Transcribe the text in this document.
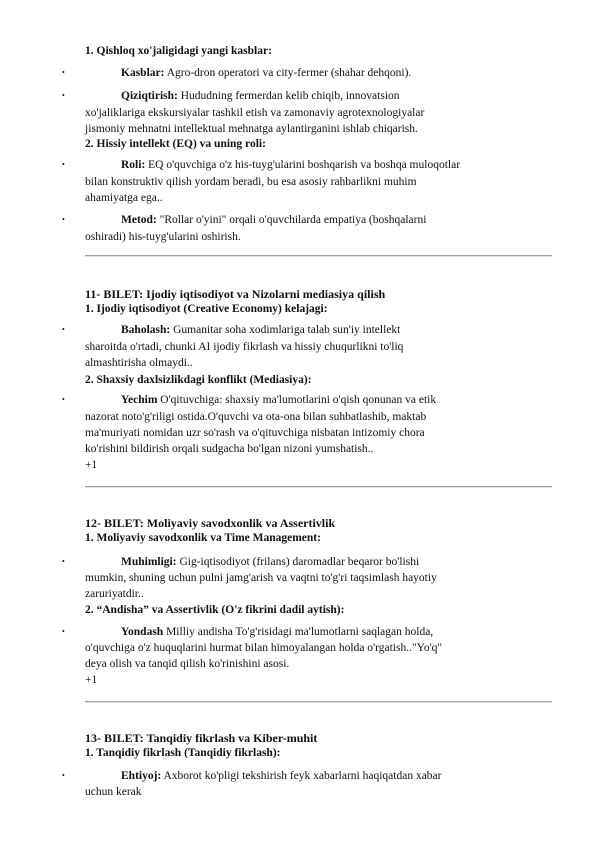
1. Qishloq xo'jaligidagi yangi kasblar:
•	Kasblar: Agro-dron operatori va city-fermer (shahar dehqoni).
•	Qiziqtirish: Hududning fermerdan kelib chiqib, innovatsion
xo'jaliklariga ekskursiyalar tashkil etish va zamonaviy agrotexnologiyalar
jismoniy mehnatni intellektual mehnatga aylantirganini ishlab chiqarish.
2. Hissiy intellekt (EQ) va uning roli:
•	Roli: EQ o'quvchiga o'z his-tuyg'ularini boshqarish va boshqa muloqotlar
bilan konstruktiv qilish yordam beradi, bu esa asosiy rahbarlikni muhim
ahamiyatga ega..
•	Metod: "Rollar o'yini" orqali o'quvchilarda empatiya (boshqalarni
oshiradi) his-tuyg'ularini oshirish.
11- BILET: Ijodiy iqtisodiyot va Nizolarni mediasiya qilish
1. Ijodiy iqtisodiyot (Creative Economy) kelajagi:
•	Baholash: Gumanitar soha xodimlariga talab sun'iy intellekt
sharoitda o'rtadi, chunki AI ijodiy fikrlash va hissiy chuqurlikni to'liq
almashtirisha olmaydi..
2. Shaxsiy daxlsizlikdagi konflikt (Mediasiya):
•	Yechim O'qituvchiga: shaxsiy ma'lumotlarini o'qish qonunan va etik
nazorat noto'g'riligi ostida.O'quvchi va ota-ona bilan suhbatlashib, maktab
ma'muriyati nomidan uzr so'rash va o'qituvchiga nisbatan intizomiy chora
ko'rishini bildirish orqali sudgacha bo'lgan nizoni yumshatish..
+1
12- BILET: Moliyaviy savodxonlik va Assertivlik
1. Moliyaviy savodxonlik va Time Management:
•	Muhimligi: Gig-iqtisodiyot (frilans) daromadlar beqaror bo'lishi
mumkin, shuning uchun pulni jamg'arish va vaqtni to'g'ri taqsimlash hayotiy
zaruriyatdir..
2. “Andisha” va Assertivlik (O'z fikrini dadil aytish):
•	Yondash Milliy andisha To'g'risidagi ma'lumotlarni saqlagan holda,
o'quvchiga o'z huquqlarini hurmat bilan himoyalangan holda o'rgatish.."Yo'q"
deya olish va tanqid qilish ko'rinishini asosi.
+1
13- BILET: Tanqidiy fikrlash va Kiber-muhit
1. Tanqidiy fikrlash (Tanqidiy fikrlash):
•	Ehtiyoj: Axborot ko'pligi tekshirish feyk xabarlarni haqiqatdan xabar
uchun kerak
